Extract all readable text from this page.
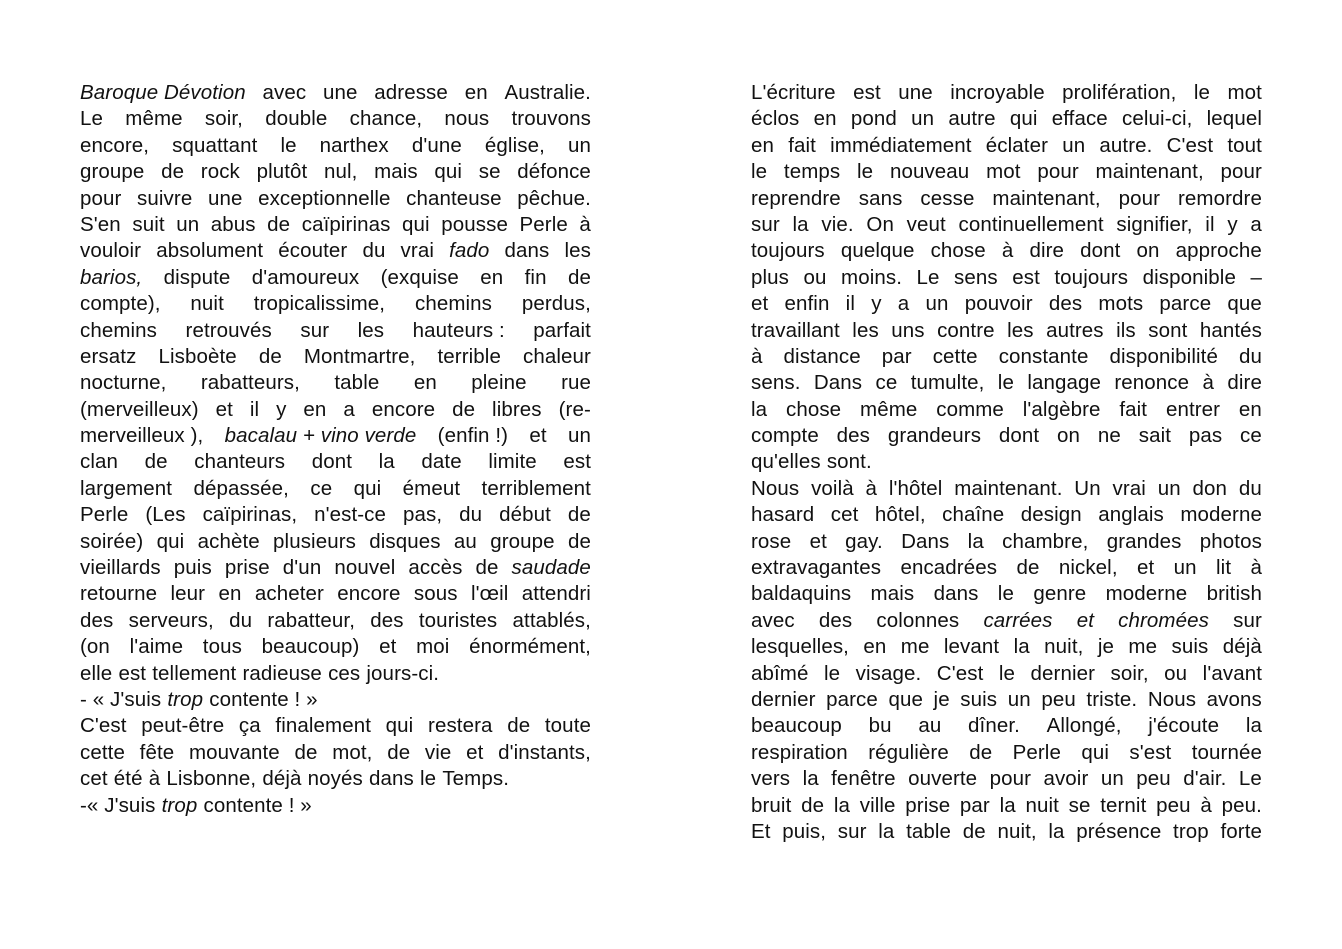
Baroque Dévotion avec une adresse en Australie.
Le même soir, double chance, nous trouvons
encore, squattant le narthex d'une église, un
groupe de rock plutôt nul, mais qui se défonce
pour suivre une exceptionnelle chanteuse pêchue.
S'en suit un abus de caïpirinas qui pousse Perle à
vouloir absolument écouter du vrai fado dans les
barios, dispute d'amoureux (exquise en fin de
compte), nuit tropicalissime, chemins perdus,
chemins retrouvés sur les hauteurs : parfait
ersatz Lisboète de Montmartre, terrible chaleur
nocturne, rabatteurs, table en pleine rue
(merveilleux) et il y en a encore de libres (re-
merveilleux ), bacalau + vino verde (enfin !) et un
clan de chanteurs dont la date limite est
largement dépassée, ce qui émeut terriblement
Perle (Les caïpirinas, n'est-ce pas, du début de
soirée) qui achète plusieurs disques au groupe de
vieillards puis prise d'un nouvel accès de saudade
retourne leur en acheter encore sous l'œil attendri
des serveurs, du rabatteur, des touristes attablés,
(on l'aime tous beaucoup) et moi énormément,
elle est tellement radieuse ces jours-ci.
- « J'suis trop contente ! »
C'est peut-être ça finalement qui restera de toute
cette fête mouvante de mot, de vie et d'instants,
cet été à Lisbonne, déjà noyés dans le Temps.
-« J'suis trop contente ! »
L'écriture est une incroyable prolifération, le mot
éclos en pond un autre qui efface celui-ci, lequel
en fait immédiatement éclater un autre. C'est tout
le temps le nouveau mot pour maintenant, pour
reprendre sans cesse maintenant, pour remordre
sur la vie. On veut continuellement signifier, il y a
toujours quelque chose à dire dont on approche
plus ou moins. Le sens est toujours disponible –
et enfin il y a un pouvoir des mots parce que
travaillant les uns contre les autres ils sont hantés
à distance par cette constante disponibilité du
sens. Dans ce tumulte, le langage renonce à dire
la chose même comme l'algèbre fait entrer en
compte des grandeurs dont on ne sait pas ce
qu'elles sont.
Nous voilà à l'hôtel maintenant. Un vrai un don du
hasard cet hôtel, chaîne design anglais moderne
rose et gay. Dans la chambre, grandes photos
extravagantes encadrées de nickel, et un lit à
baldaquins mais dans le genre moderne british
avec des colonnes carrées et chromées sur
lesquelles, en me levant la nuit, je me suis déjà
abîmé le visage. C'est le dernier soir, ou l'avant
dernier parce que je suis un peu triste. Nous avons
beaucoup bu au dîner. Allongé, j'écoute la
respiration régulière de Perle qui s'est tournée
vers la fenêtre ouverte pour avoir un peu d'air. Le
bruit de la ville prise par la nuit se ternit peu à peu.
Et puis, sur la table de nuit, la présence trop forte
